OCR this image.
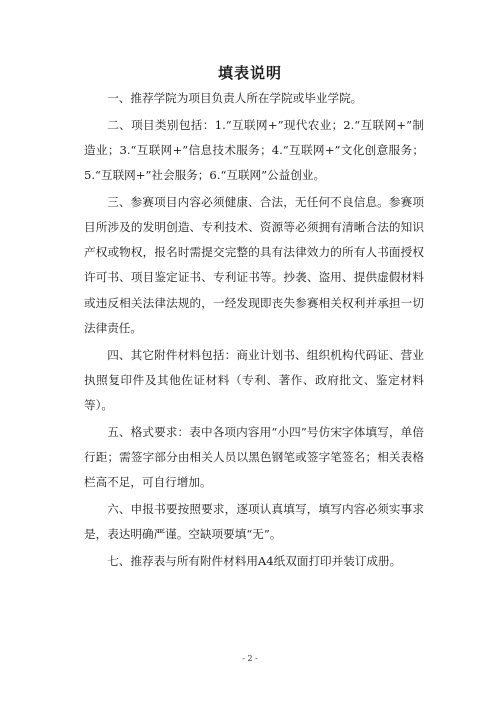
填表说明

一、推荐学院为项目负责人所在学院或毕业学院。

二、项目类别包括：1.“互联网+”现代农业；2.“互联网+”制造业；3.“互联网+”信息技术服务；4.“互联网+”文化创意服务；5.“互联网+”社会服务；6.“互联网”公益创业。

三、参赛项目内容必须健康、合法，无任何不良信息。参赛项目所涉及的发明创造、专利技术、资源等必须拥有清晰合法的知识产权或物权，报名时需提交完整的具有法律效力的所有人书面授权许可书、项目鉴定证书、专利证书等。抄袭、盗用、提供虚假材料或违反相关法律法规的，一经发现即丧失参赛相关权利并承担一切法律责任。

四、其它附件材料包括：商业计划书、组织机构代码证、营业执照复印件及其他佐证材料（专利、著作、政府批文、鉴定材料等）。

五、格式要求：表中各项内容用“小四”号仿宋字体填写，单倍行距；需签字部分由相关人员以黑色钢笔或签字笔签名；相关表格栏高不足，可自行增加。

六、申报书要按照要求，逐项认真填写，填写内容必须实事求是，表达明确严谨。空缺项要填“无”。

七、推荐表与所有附件材料用A4纸双面打印并装订成册。

- 2 -
